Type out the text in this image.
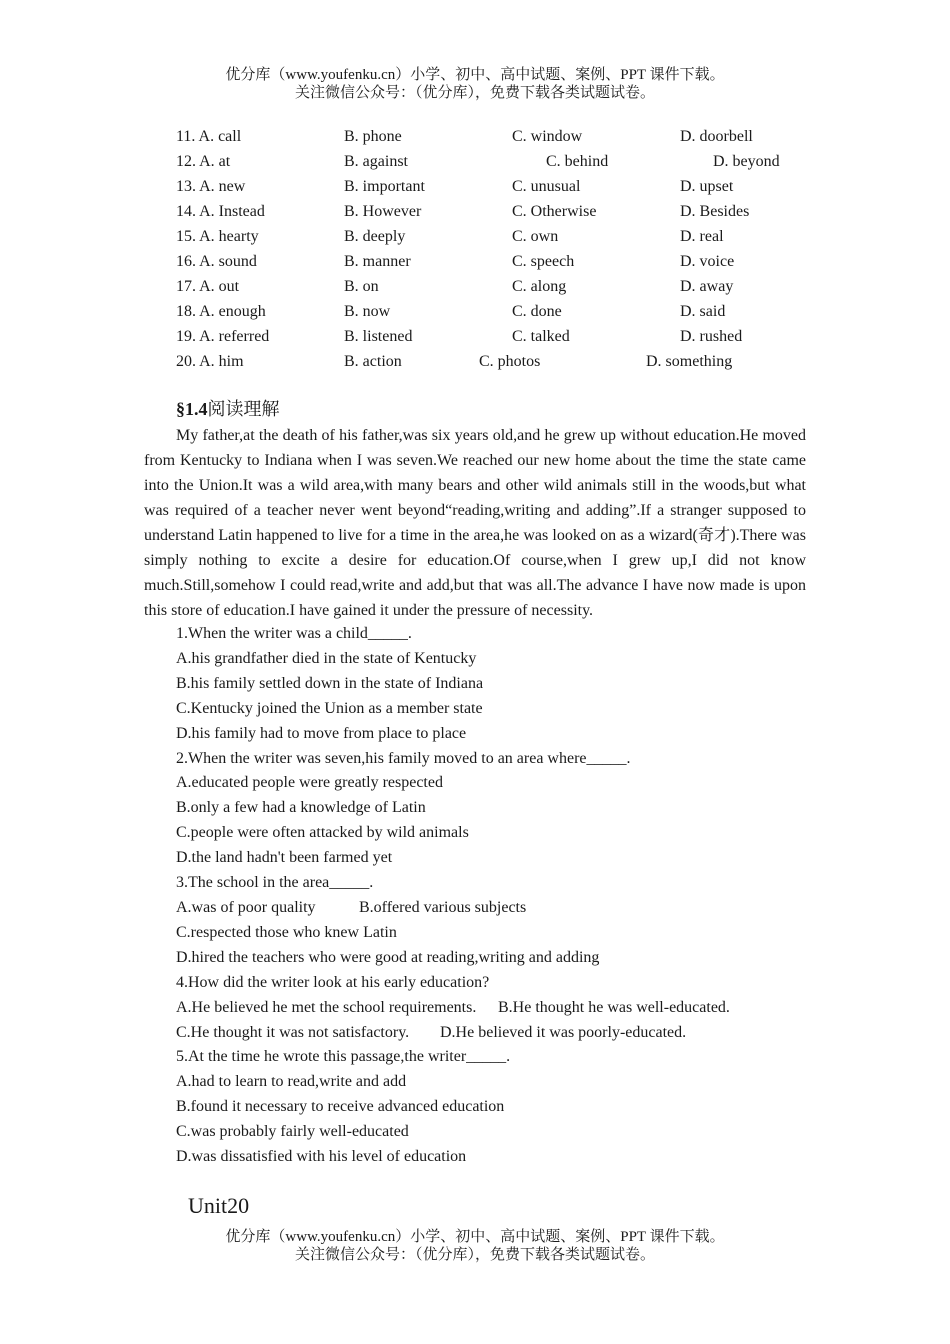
优分库（www.youfenku.cn）小学、初中、高中试题、案例、PPT 课件下载。
关注微信公众号：（优分库），免费下载各类试题试卷。
11. A. call	B. phone	C. window	D. doorbell
12. A. at	B. against	C. behind	D. beyond
13. A. new	B. important	C. unusual	D. upset
14. A. Instead	B. However	C. Otherwise	D. Besides
15. A. hearty	B. deeply	C. own	D. real
16. A. sound	B. manner	C. speech	D. voice
17. A. out	B. on	C. along	D. away
18. A. enough	B. now	C. done	D. said
19. A. referred	B. listened	C. talked	D. rushed
20. A. him	B. action	C. photos	D. something
§1.4阅读理解
My father,at the death of his father,was six years old,and he grew up without education.He moved from Kentucky to Indiana when I was seven.We reached our new home about the time the state came into the Union.It was a wild area,with many bears and other wild animals still in the woods,but what was required of a teacher never went beyond“reading,writing and adding”.If a stranger supposed to understand Latin happened to live for a time in the area,he was looked on as a wizard(奇才).There was simply nothing to excite a desire for education.Of course,when I grew up,I did not know much.Still,somehow I could read,write and add,but that was all.The advance I have now made is upon this store of education.I have gained it under the pressure of necessity.
1.When the writer was a child_____.
A.his grandfather died in the state of Kentucky
B.his family settled down in the state of Indiana
C.Kentucky joined the Union as a member state
D.his family had to move from place to place
2.When the writer was seven,his family moved to an area where_____.
A.educated people were greatly respected
B.only a few had a knowledge of Latin
C.people were often attacked by wild animals
D.the land hadn't been farmed yet
3.The school in the area_____.
A.was of poor quality	B.offered various subjects
C.respected those who knew Latin
D.hired the teachers who were good at reading,writing and adding
4.How did the writer look at his early education?
A.He believed he met the school requirements. B.He thought he was well-educated.
C.He thought it was not satisfactory. D.He believed it was poorly-educated.
5.At the time he wrote this passage,the writer_____.
A.had to learn to read,write and add
B.found it necessary to receive advanced education
C.was probably fairly well-educated
D.was dissatisfied with his level of education
Unit20
优分库（www.youfenku.cn）小学、初中、高中试题、案例、PPT 课件下载。
关注微信公众号：（优分库），免费下载各类试题试卷。
